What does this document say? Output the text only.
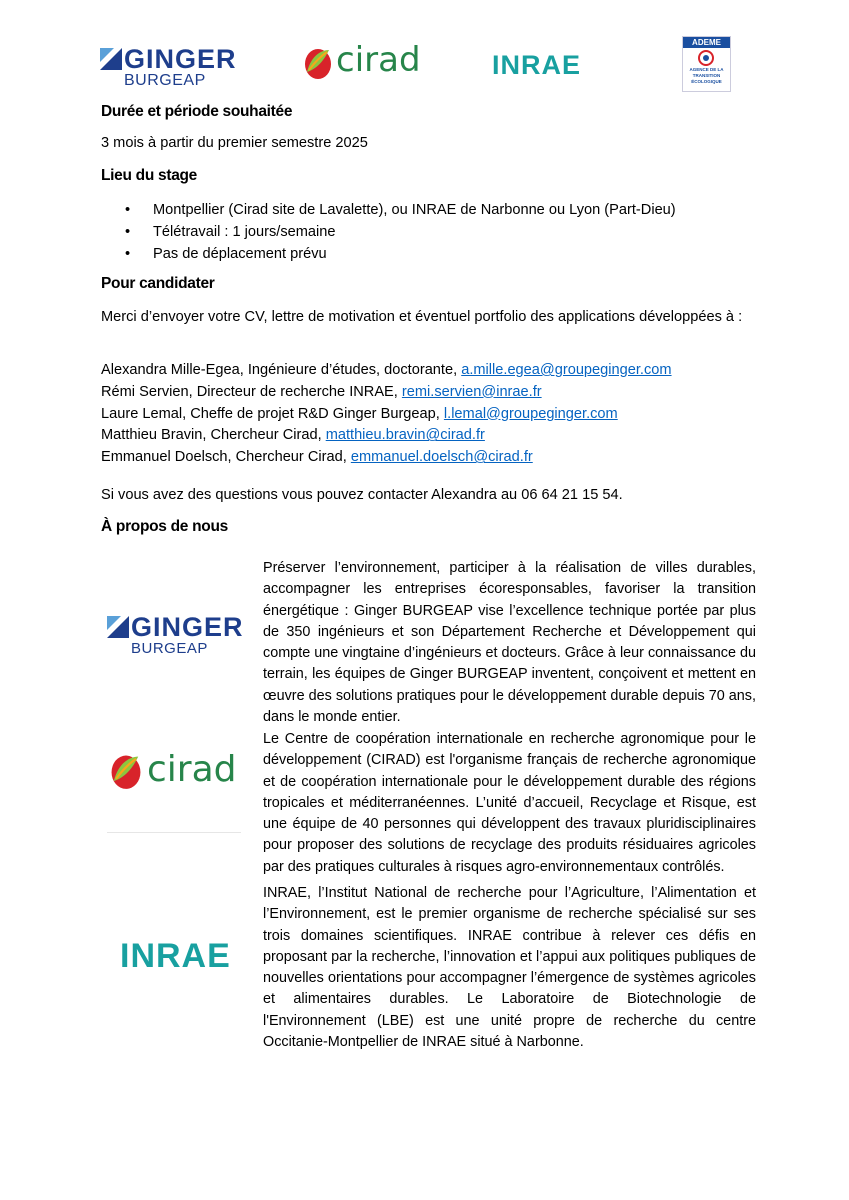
GINGER
BURGEAP
cirad	INRAE
ADEME
AGENCE DE LA
TRANSITION
ÉCOLOGIQUE
Durée et période souhaitée
3 mois à partir du premier semestre 2025
Lieu du stage
• Montpellier (Cirad site de Lavalette), ou INRAE de Narbonne ou Lyon (Part-Dieu)
• Télétravail : 1 jours/semaine
• Pas de déplacement prévu
Pour candidater
Merci d’envoyer votre CV, lettre de motivation et éventuel portfolio des applications développées à :
Alexandra Mille-Egea, Ingénieure d’études, doctorante, a.mille.egea@groupeginger.com
Rémi Servien, Directeur de recherche INRAE, remi.servien@inrae.fr
Laure Lemal, Cheffe de projet R&D Ginger Burgeap, l.lemal@groupeginger.com
Matthieu Bravin, Chercheur Cirad, matthieu.bravin@cirad.fr
Emmanuel Doelsch, Chercheur Cirad, emmanuel.doelsch@cirad.fr
Si vous avez des questions vous pouvez contacter Alexandra au 06 64 21 15 54.
À propos de nous
GINGER
BURGEAP
Préserver l’environnement, participer à la réalisation de villes durables, accompagner les entreprises écoresponsables, favoriser la transition énergétique : Ginger BURGEAP vise l’excellence technique portée par plus de 350 ingénieurs et son Département Recherche et Développement qui compte une vingtaine d’ingénieurs et docteurs. Grâce à leur connaissance du terrain, les équipes de Ginger BURGEAP inventent, conçoivent et mettent en œuvre des solutions pratiques pour le développement durable depuis 70 ans, dans le monde entier.
cirad
Le Centre de coopération internationale en recherche agronomique pour le développement (CIRAD) est l'organisme français de recherche agronomique et de coopération internationale pour le développement durable des régions tropicales et méditerranéennes. L’unité d’accueil, Recyclage et Risque, est une équipe de 40 personnes qui développent des travaux pluridisciplinaires pour proposer des solutions de recyclage des produits résiduaires agricoles par des pratiques culturales à risques agro-environnementaux contrôlés.
INRAE
INRAE, l’Institut National de recherche pour l’Agriculture, l’Alimentation et l’Environnement, est le premier organisme de recherche spécialisé sur ses trois domaines scientifiques. INRAE contribue à relever ces défis en proposant par la recherche, l’innovation et l’appui aux politiques publiques de nouvelles orientations pour accompagner l’émergence de systèmes agricoles et alimentaires durables. Le Laboratoire de Biotechnologie de l'Environnement (LBE) est une unité propre de recherche du centre Occitanie-Montpellier de INRAE situé à Narbonne.
